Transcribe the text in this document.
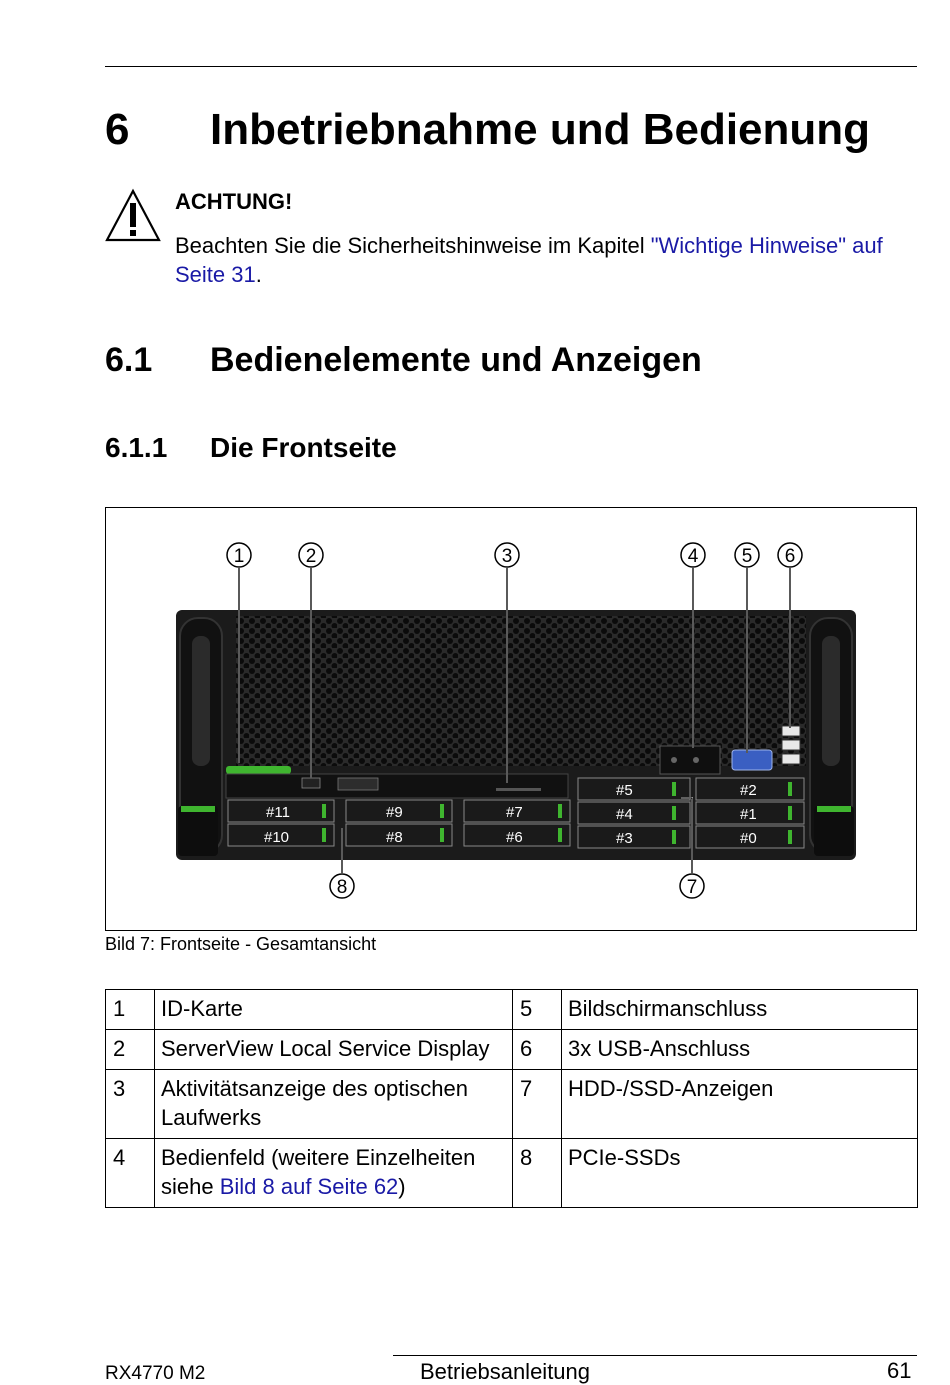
6 Inbetriebnahme und Bedienung
ACHTUNG!
Beachten Sie die Sicherheitshinweise im Kapitel "Wichtige Hinweise" auf Seite 31.
6.1 Bedienelemente und Anzeigen
6.1.1 Die Frontseite
#11
#10
#9
#8
#7
#6
#5
#4
#3
#2
#1
#0
1	2	3	4 5 6
8	7
Bild 7: Frontseite - Gesamtansicht
1	ID-Karte	5	Bildschirmanschluss
2	ServerView Local Service Display	6	3x USB-Anschluss
3	Aktivitätsanzeige des optischen Laufwerks	7	HDD-/SSD-Anzeigen
4	Bedienfeld (weitere Einzelheiten siehe Bild 8 auf Seite 62)	8	PCIe-SSDs
RX4770 M2	Betriebsanleitung	61
